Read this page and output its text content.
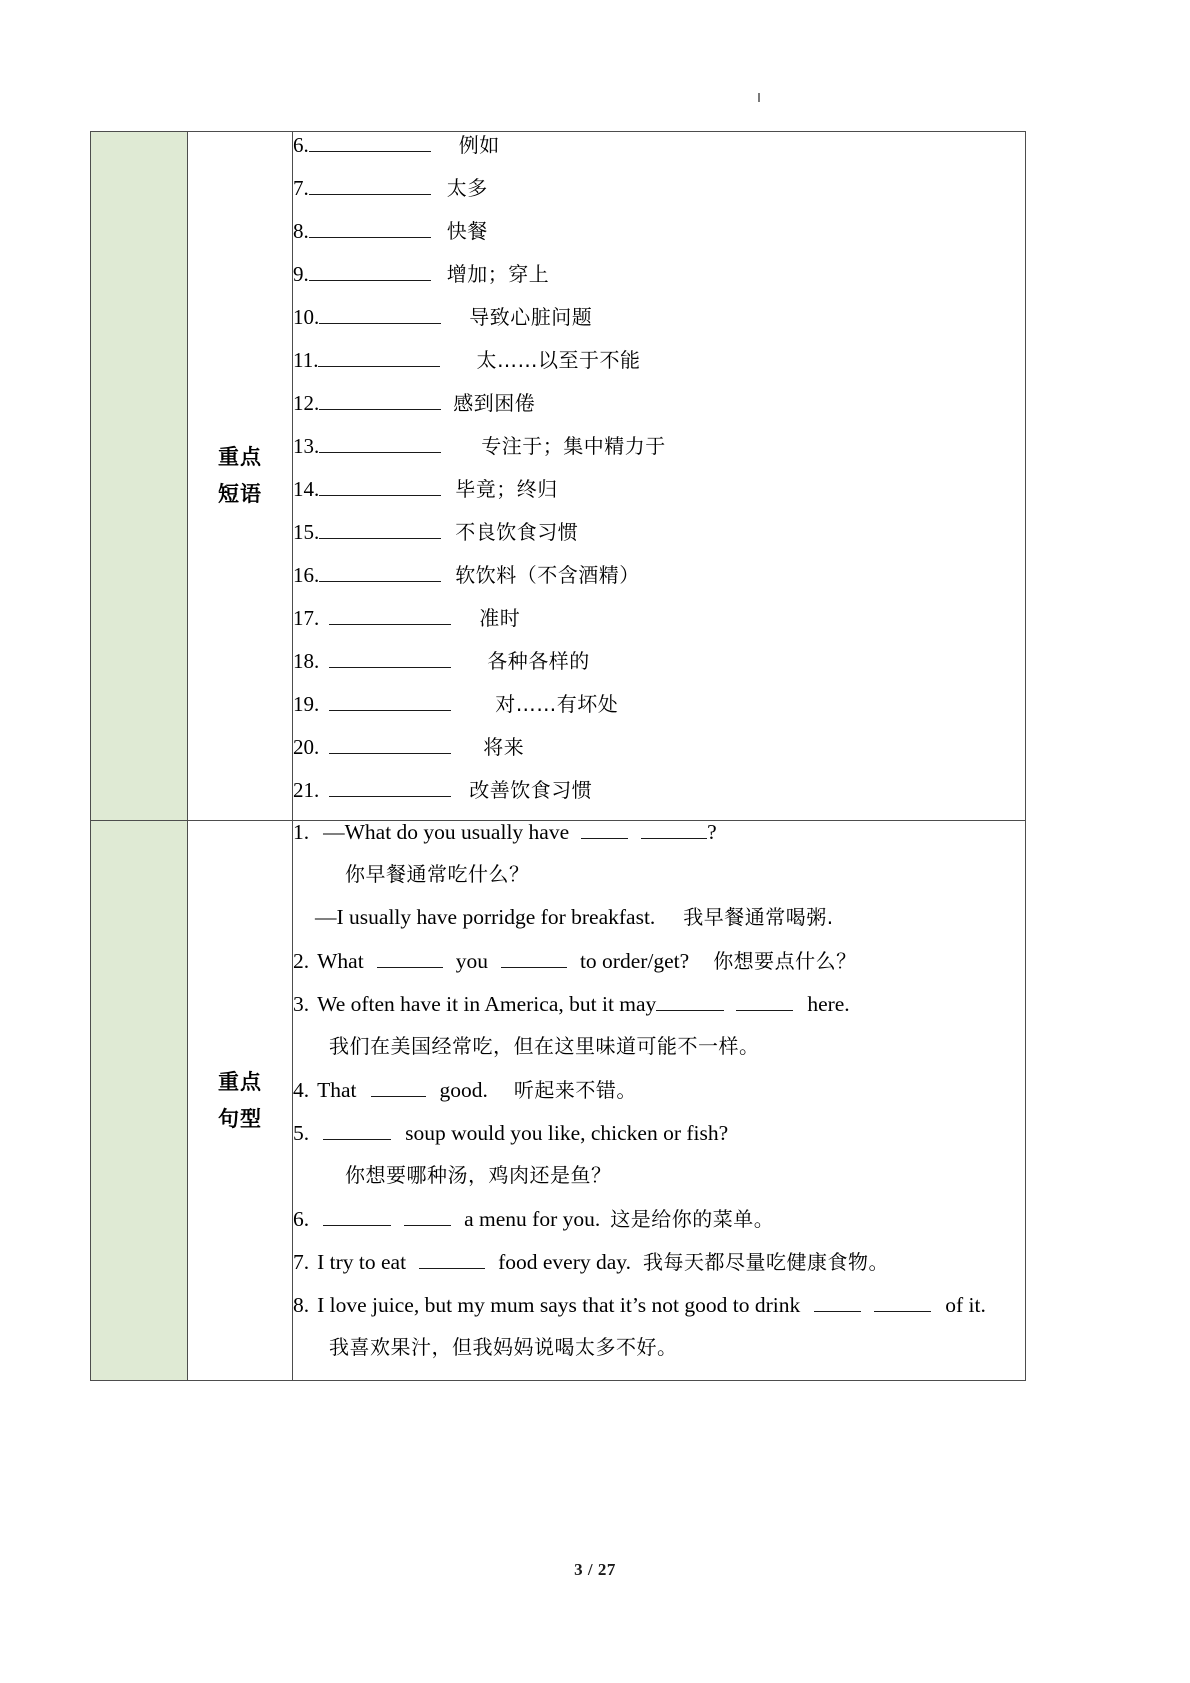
重点
短语

6.	例如
7.	太多
8.	快餐
9.	增加；穿上
10.	导致心脏问题
11.	太……以至于不能
12.	感到困倦
13.	专注于；集中精力于
14.	毕竟；终归
15.	不良饮食习惯
16.	软饮料（不含酒精）
17.	准时
18.	各种各样的
19.	对……有坏处
20.	将来
21.	改善饮食习惯

重点
句型

1. —What do you usually have	?
你早餐通常吃什么？
—I usually have porridge for breakfast. 我早餐通常喝粥.
2. What	you	to order/get? 你想要点什么？
3. We often have it in America, but it may	here.
我们在美国经常吃，但在这里味道可能不一样。
4. That	good. 听起来不错。
5.	soup would you like, chicken or fish?
你想要哪种汤，鸡肉还是鱼？
6.	a menu for you. 这是给你的菜单。
7. I try to eat	food every day. 我每天都尽量吃健康食物。
8. I love juice, but my mum says that it’s not good to drink	of it.
我喜欢果汁，但我妈妈说喝太多不好。
3 / 27
